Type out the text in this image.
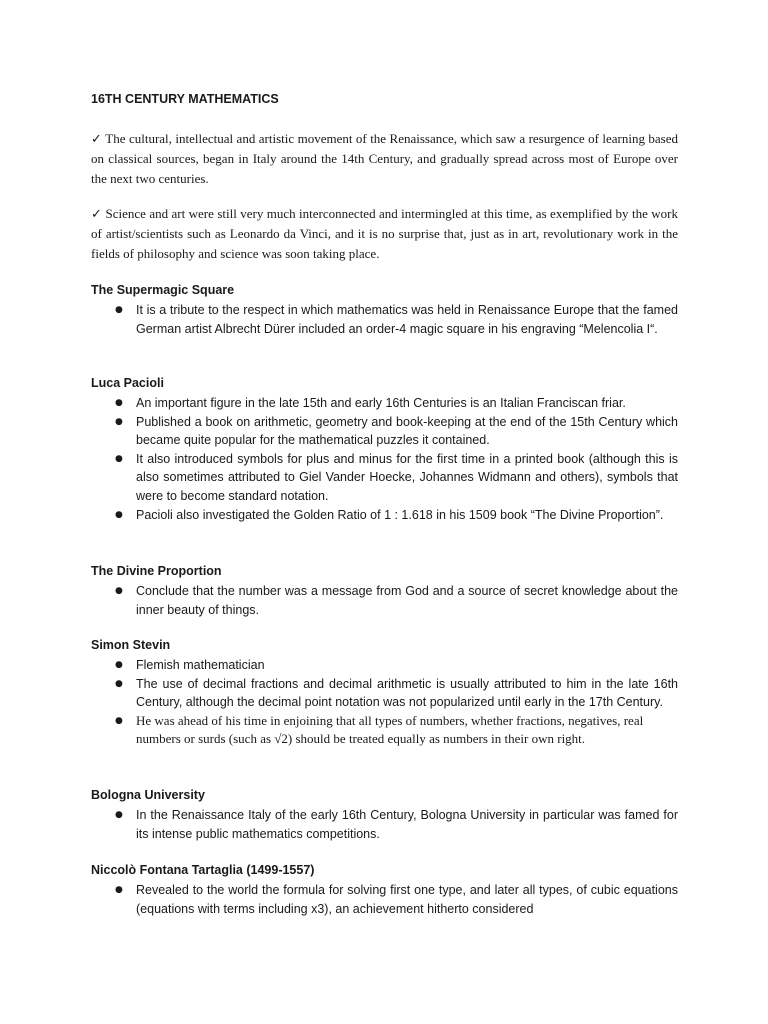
16TH CENTURY MATHEMATICS

✓ The cultural, intellectual and artistic movement of the Renaissance, which saw a resurgence of learning based on classical sources, began in Italy around the 14th Century, and gradually spread across most of Europe over the next two centuries.

✓ Science and art were still very much interconnected and intermingled at this time, as exemplified by the work of artist/scientists such as Leonardo da Vinci, and it is no surprise that, just as in art, revolutionary work in the fields of philosophy and science was soon taking place.

The Supermagic Square
● It is a tribute to the respect in which mathematics was held in Renaissance Europe that the famed German artist Albrecht Dürer included an order-4 magic square in his engraving “Melencolia I“.
Luca Pacioli
● An important figure in the late 15th and early 16th Centuries is an Italian Franciscan friar.
● Published a book on arithmetic, geometry and book-keeping at the end of the 15th Century which became quite popular for the mathematical puzzles it contained.
● It also introduced symbols for plus and minus for the first time in a printed book (although this is also sometimes attributed to Giel Vander Hoecke, Johannes Widmann and others), symbols that were to become standard notation.
● Pacioli also investigated the Golden Ratio of 1 : 1.618 in his 1509 book “The Divine Proportion”.
The Divine Proportion
● Conclude that the number was a message from God and a source of secret knowledge about the inner beauty of things.
Simon Stevin
● Flemish mathematician
● The use of decimal fractions and decimal arithmetic is usually attributed to him in the late 16th Century, although the decimal point notation was not popularized until early in the 17th Century.
● He was ahead of his time in enjoining that all types of numbers, whether fractions, negatives, real numbers or surds (such as √2) should be treated equally as numbers in their own right.
Bologna University
● In the Renaissance Italy of the early 16th Century, Bologna University in particular was famed for its intense public mathematics competitions.
Niccolò Fontana Tartaglia (1499-1557)
● Revealed to the world the formula for solving first one type, and later all types, of cubic equations (equations with terms including x3), an achievement hitherto considered
